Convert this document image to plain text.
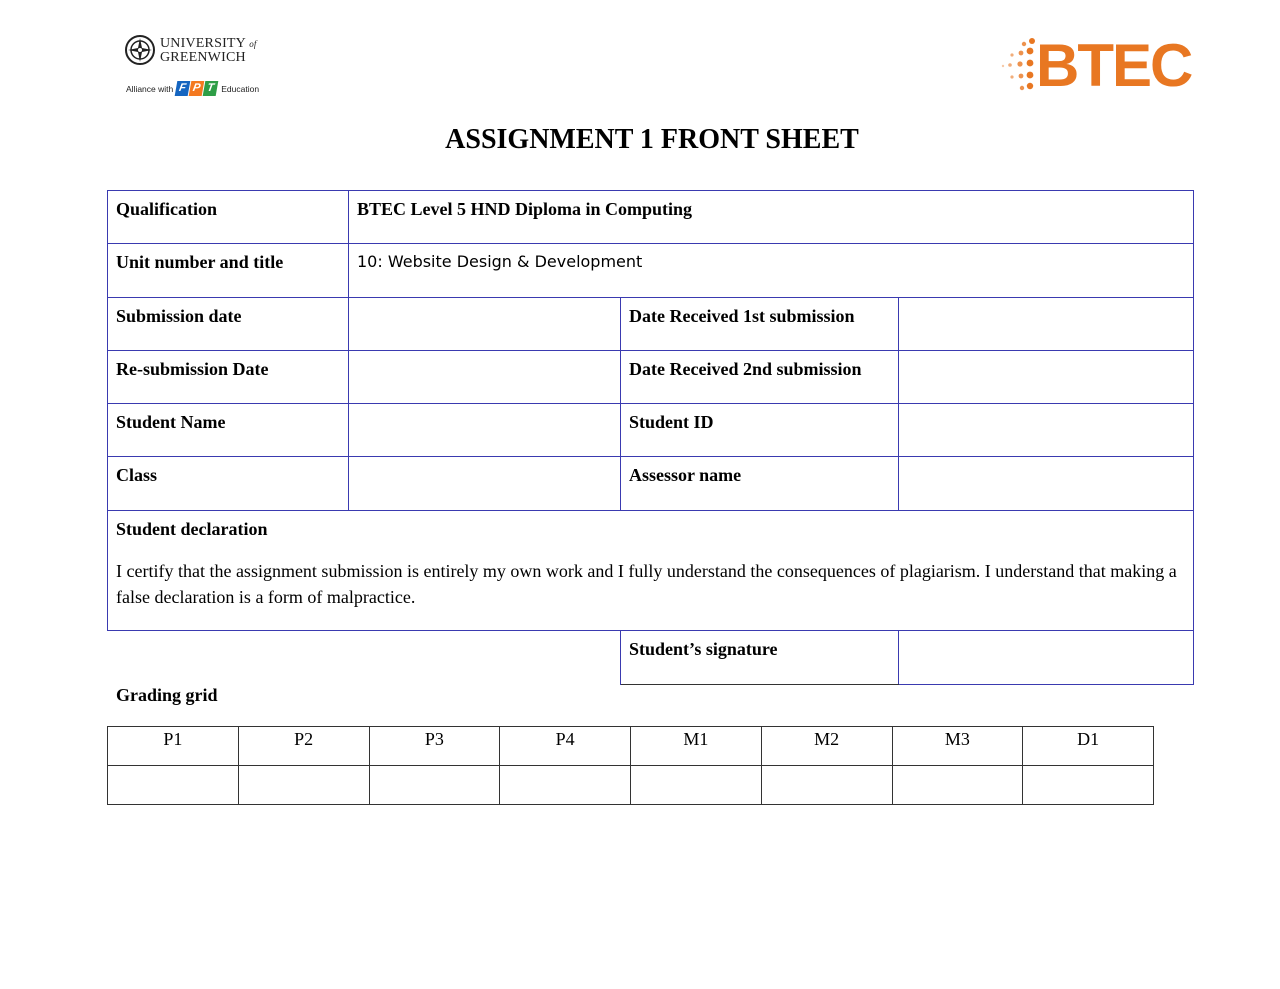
UNIVERSITY of
GREENWICH
Alliance with F P T Education	BTEC
ASSIGNMENT 1 FRONT SHEET
Qualification	BTEC Level 5 HND Diploma in Computing		
Unit number and title	10: Website Design & Development		
Submission date		Date Received 1st submission	
Re-submission Date		Date Received 2nd submission	
Student Name		Student ID	
Class		Assessor name	

Student declaration
I certify that the assignment submission is entirely my own work and I fully understand the consequences of plagiarism. I understand that making a false declaration is a form of malpractice.			

		Student’s signature	
Grading grid
P1	P2	P3	P4	M1	M2	M3	D1
